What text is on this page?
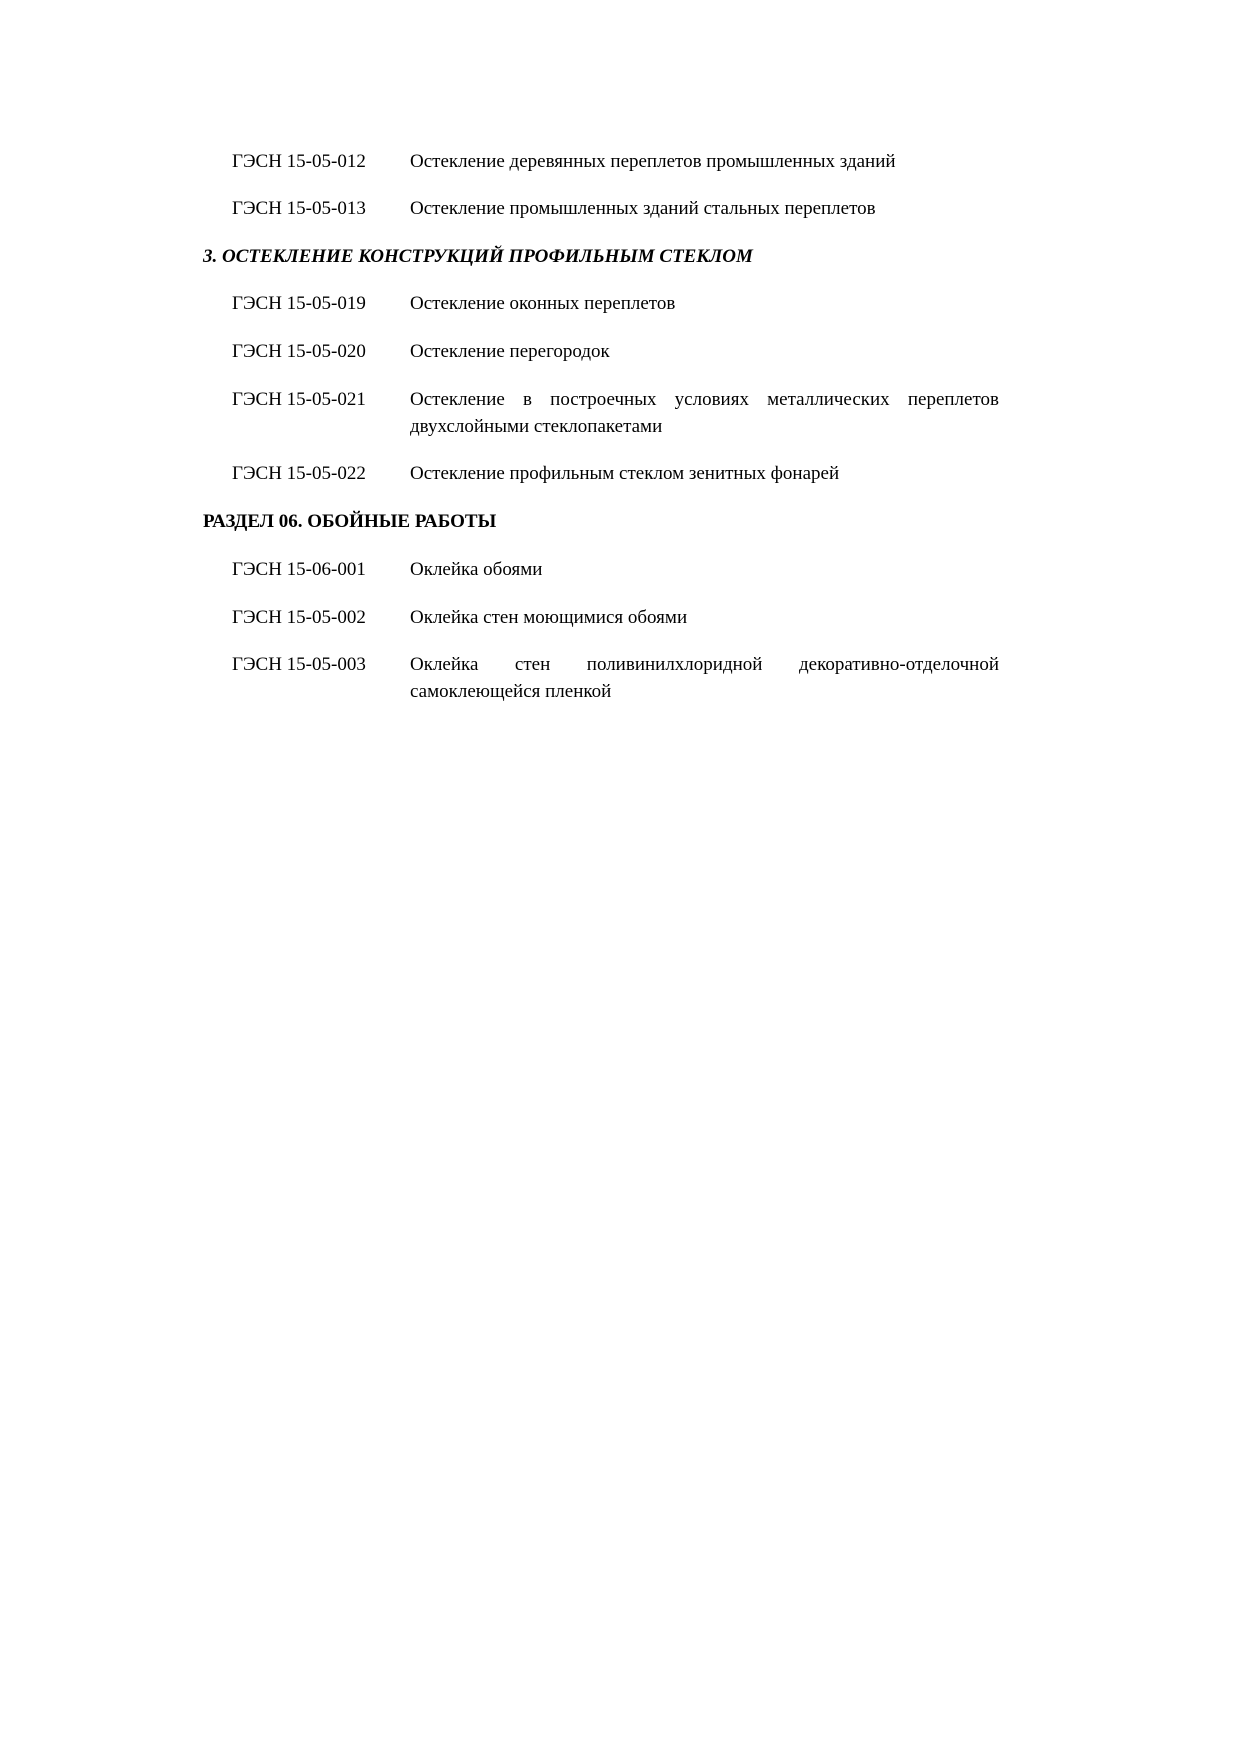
ГЭСН 15-05-012 Остекление деревянных переплетов промышленных зданий
ГЭСН 15-05-013 Остекление промышленных зданий стальных переплетов
3. ОСТЕКЛЕНИЕ КОНСТРУКЦИЙ ПРОФИЛЬНЫМ СТЕКЛОМ
ГЭСН 15-05-019 Остекление оконных переплетов
ГЭСН 15-05-020 Остекление перегородок
ГЭСН 15-05-021 Остекление в построечных условиях металлических переплетов двухслойными стеклопакетами
ГЭСН 15-05-022 Остекление профильным стеклом зенитных фонарей
РАЗДЕЛ 06. ОБОЙНЫЕ РАБОТЫ
ГЭСН 15-06-001 Оклейка обоями
ГЭСН 15-05-002 Оклейка стен моющимися обоями
ГЭСН 15-05-003 Оклейка стен поливинилхлоридной декоративно-отделочной самоклеющейся пленкой
